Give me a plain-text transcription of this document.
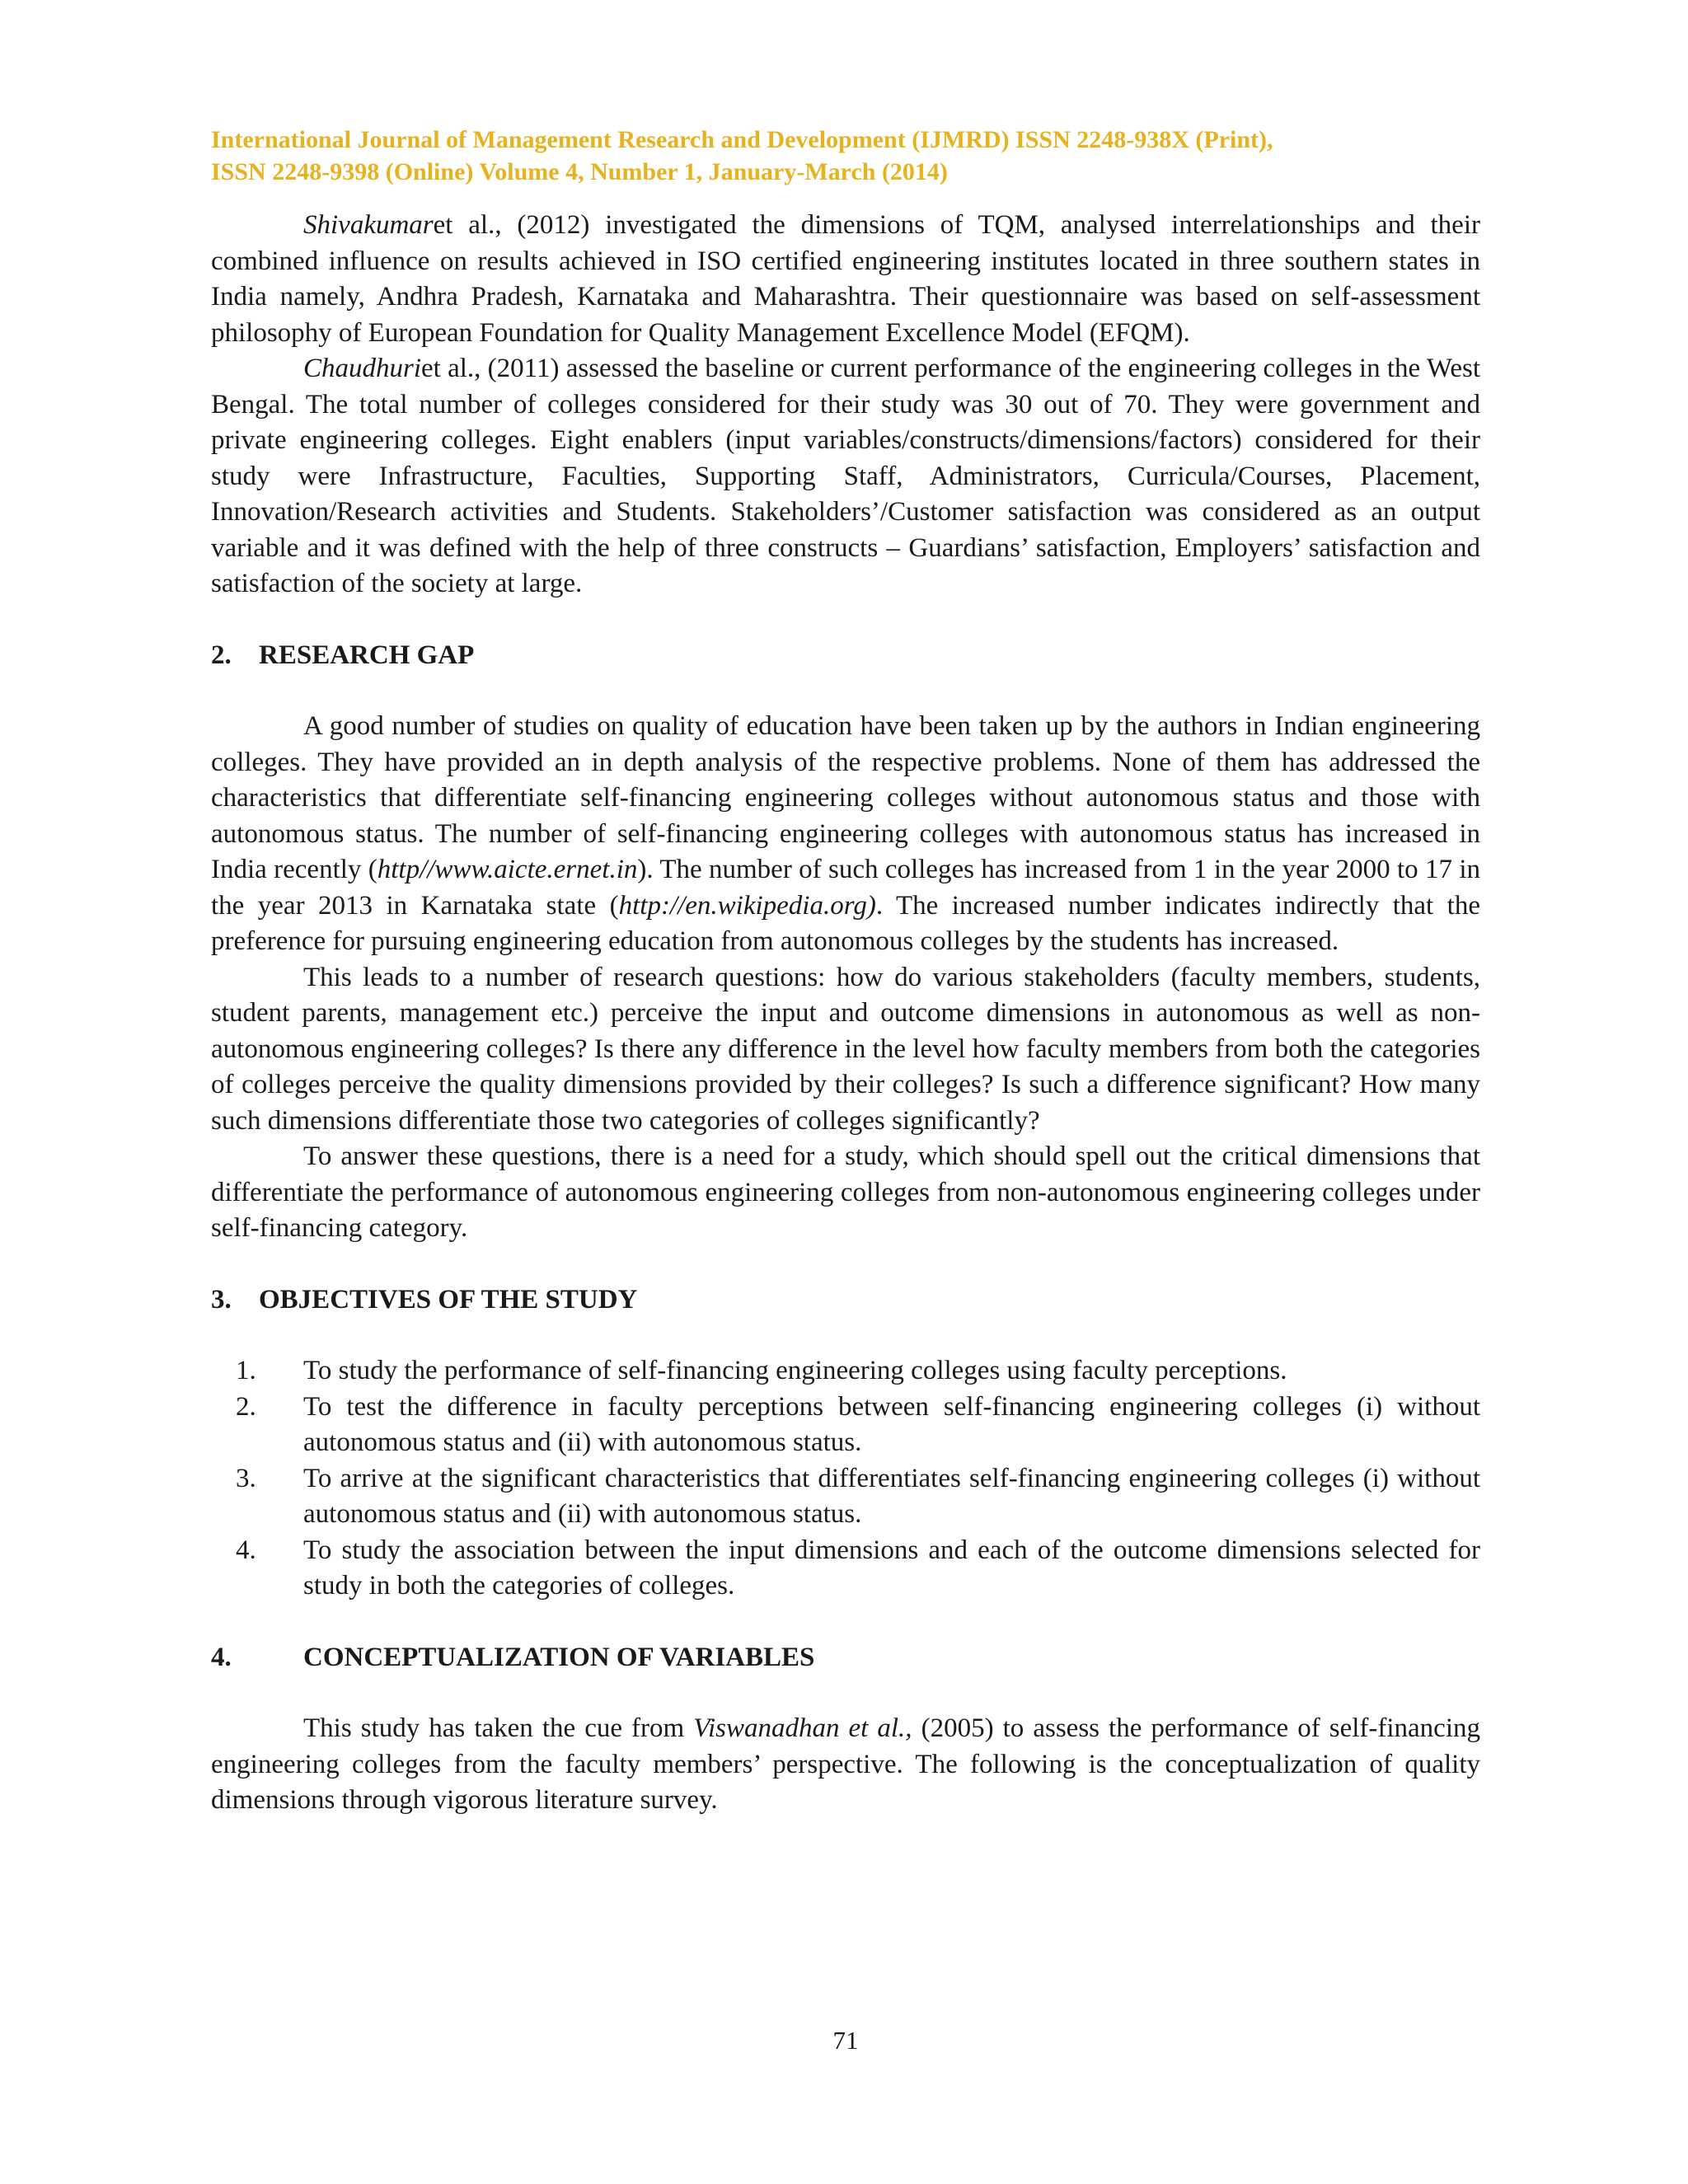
International Journal of Management Research and Development (IJMRD) ISSN 2248-938X (Print),
ISSN 2248-9398 (Online) Volume 4, Number 1, January-March (2014)

Shivakumaret al., (2012) investigated the dimensions of TQM, analysed interrelationships and their combined influence on results achieved in ISO certified engineering institutes located in three southern states in India namely, Andhra Pradesh, Karnataka and Maharashtra. Their questionnaire was based on self-assessment philosophy of European Foundation for Quality Management Excellence Model (EFQM).

Chaudhuriet al., (2011) assessed the baseline or current performance of the engineering colleges in the West Bengal. The total number of colleges considered for their study was 30 out of 70. They were government and private engineering colleges. Eight enablers (input variables/constructs/dimensions/factors) considered for their study were Infrastructure, Faculties, Supporting Staff, Administrators, Curricula/Courses, Placement, Innovation/Research activities and Students. Stakeholders’/Customer satisfaction was considered as an output variable and it was defined with the help of three constructs – Guardians’ satisfaction, Employers’ satisfaction and satisfaction of the society at large.

2.	RESEARCH GAP

A good number of studies on quality of education have been taken up by the authors in Indian engineering colleges. They have provided an in depth analysis of the respective problems. None of them has addressed the characteristics that differentiate self-financing engineering colleges without autonomous status and those with autonomous status. The number of self-financing engineering colleges with autonomous status has increased in India recently (http//www.aicte.ernet.in). The number of such colleges has increased from 1 in the year 2000 to 17 in the year 2013 in Karnataka state (http://en.wikipedia.org). The increased number indicates indirectly that the preference for pursuing engineering education from autonomous colleges by the students has increased.

This leads to a number of research questions: how do various stakeholders (faculty members, students, student parents, management etc.) perceive the input and outcome dimensions in autonomous as well as non-autonomous engineering colleges? Is there any difference in the level how faculty members from both the categories of colleges perceive the quality dimensions provided by their colleges? Is such a difference significant? How many such dimensions differentiate those two categories of colleges significantly?

To answer these questions, there is a need for a study, which should spell out the critical dimensions that differentiate the performance of autonomous engineering colleges from non-autonomous engineering colleges under self-financing category.

3.	OBJECTIVES OF THE STUDY
1. To study the performance of self-financing engineering colleges using faculty perceptions.
2. To test the difference in faculty perceptions between self-financing engineering colleges (i) without   autonomous status and (ii) with autonomous status.
3. To arrive at the significant characteristics that differentiates self-financing engineering colleges (i) without   autonomous status and (ii) with autonomous status.
4. To study the association between the input dimensions and each of the outcome dimensions selected for study in both the categories of colleges.
4.	CONCEPTUALIZATION OF VARIABLES

This study has taken the cue from Viswanadhan et al., (2005) to assess the performance of self-financing engineering colleges from the faculty members’ perspective. The following is the conceptualization of quality dimensions through vigorous literature survey.

71
